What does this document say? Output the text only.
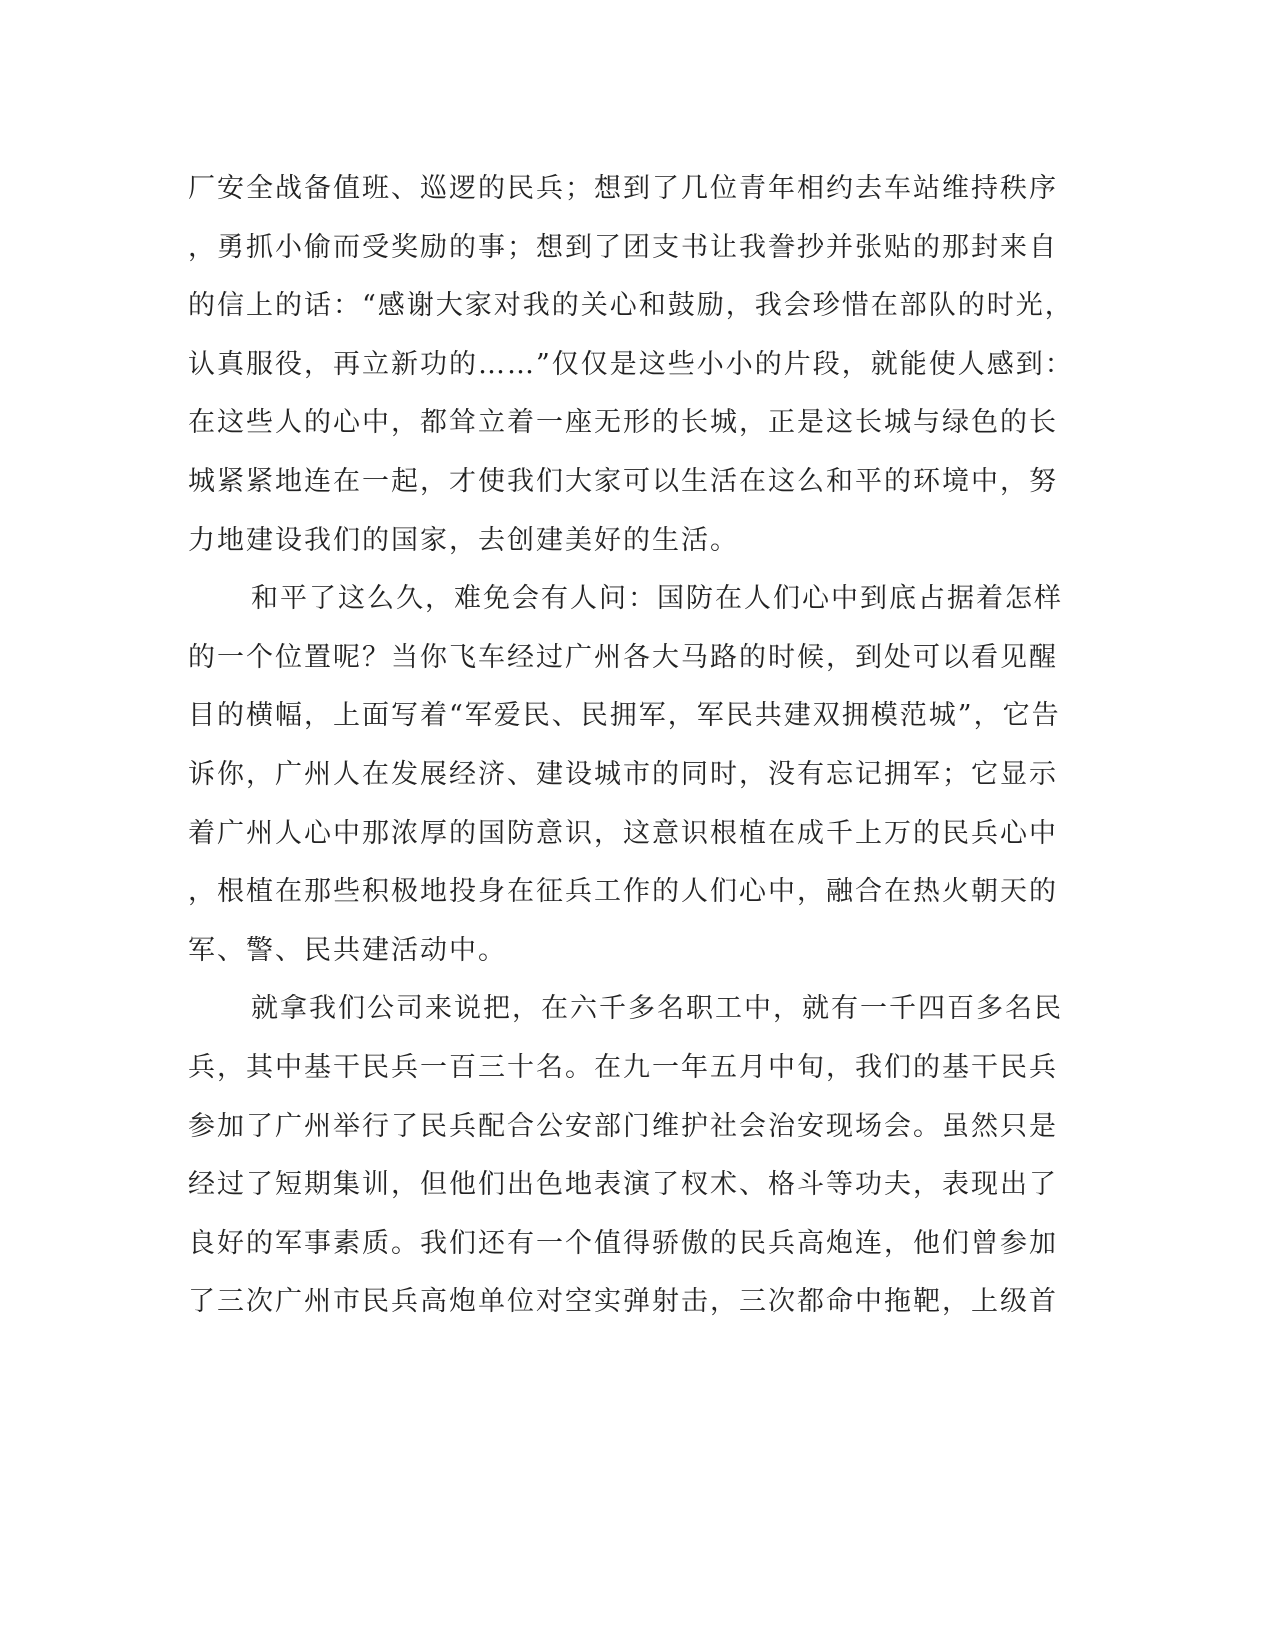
厂安全战备值班、巡逻的民兵；想到了几位青年相约去车站维持秩序
，勇抓小偷而受奖励的事；想到了团支书让我誊抄并张贴的那封来自
的信上的话：“感谢大家对我的关心和鼓励，我会珍惜在部队的时光，
认真服役，再立新功的……”仅仅是这些小小的片段，就能使人感到：
在这些人的心中，都耸立着一座无形的长城，正是这长城与绿色的长
城紧紧地连在一起，才使我们大家可以生活在这么和平的环境中，努
力地建设我们的国家，去创建美好的生活。
和平了这么久，难免会有人问：国防在人们心中到底占据着怎样
的一个位置呢？当你飞车经过广州各大马路的时候，到处可以看见醒
目的横幅，上面写着“军爱民、民拥军，军民共建双拥模范城”，它告
诉你，广州人在发展经济、建设城市的同时，没有忘记拥军；它显示
着广州人心中那浓厚的国防意识，这意识根植在成千上万的民兵心中
，根植在那些积极地投身在征兵工作的人们心中，融合在热火朝天的
军、警、民共建活动中。
就拿我们公司来说把，在六千多名职工中，就有一千四百多名民
兵，其中基干民兵一百三十名。在九一年五月中旬，我们的基干民兵
参加了广州举行了民兵配合公安部门维护社会治安现场会。虽然只是
经过了短期集训，但他们出色地表演了杈术、格斗等功夫，表现出了
良好的军事素质。我们还有一个值得骄傲的民兵高炮连，他们曾参加
了三次广州市民兵高炮单位对空实弹射击，三次都命中拖靶，上级首
